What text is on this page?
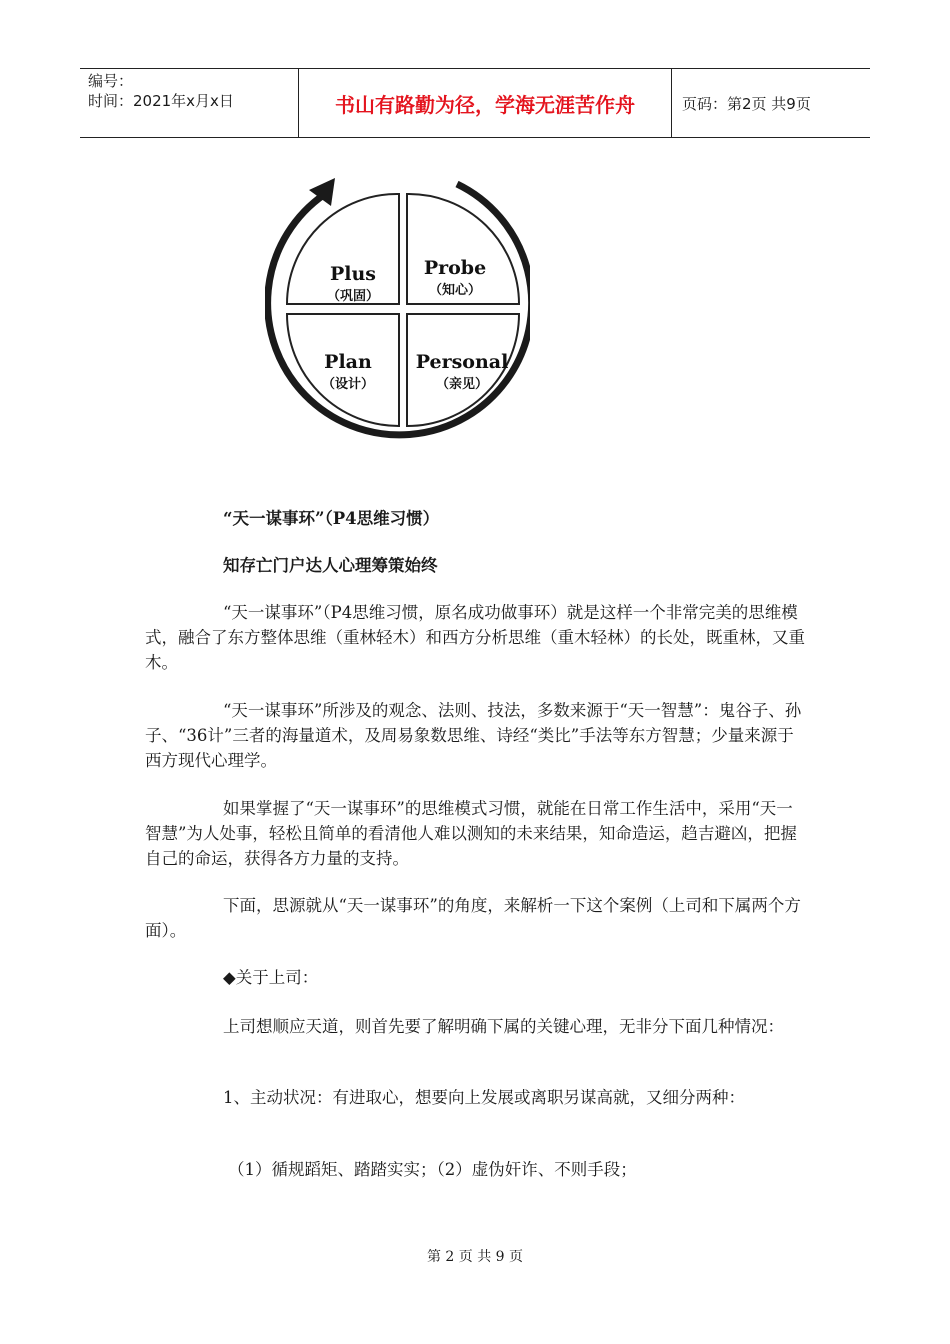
编号：
时间：2021年x月x日	书山有路勤为径，学海无涯苦作舟	页码：第2页 共9页
Plus
（巩固）
Probe
（知心）
Plan
（设计）
Personal
（亲见）

“天一谋事环”（P4思维习惯）

知存亡门户达人心理筹策始终

“天一谋事环”（P4思维习惯，原名成功做事环）就是这样一个非常完美的思维模式，融合了东方整体思维（重林轻木）和西方分析思维（重木轻林）的长处，既重林，又重木。

“天一谋事环”所涉及的观念、法则、技法，多数来源于“天一智慧”：鬼谷子、孙子、“36计”三者的海量道术，及周易象数思维、诗经“类比”手法等东方智慧；少量来源于西方现代心理学。

如果掌握了“天一谋事环”的思维模式习惯，就能在日常工作生活中，采用“天一智慧”为人处事，轻松且简单的看清他人难以测知的未来结果，知命造运，趋吉避凶，把握自己的命运，获得各方力量的支持。

下面，思源就从“天一谋事环”的角度，来解析一下这个案例（上司和下属两个方面）。

◆关于上司：

上司想顺应天道，则首先要了解明确下属的关键心理，无非分下面几种情况：

1、主动状况：有进取心，想要向上发展或离职另谋高就，又细分两种：

（1）循规蹈矩、踏踏实实；（2）虚伪奸诈、不则手段；

第 2 页 共 9 页
